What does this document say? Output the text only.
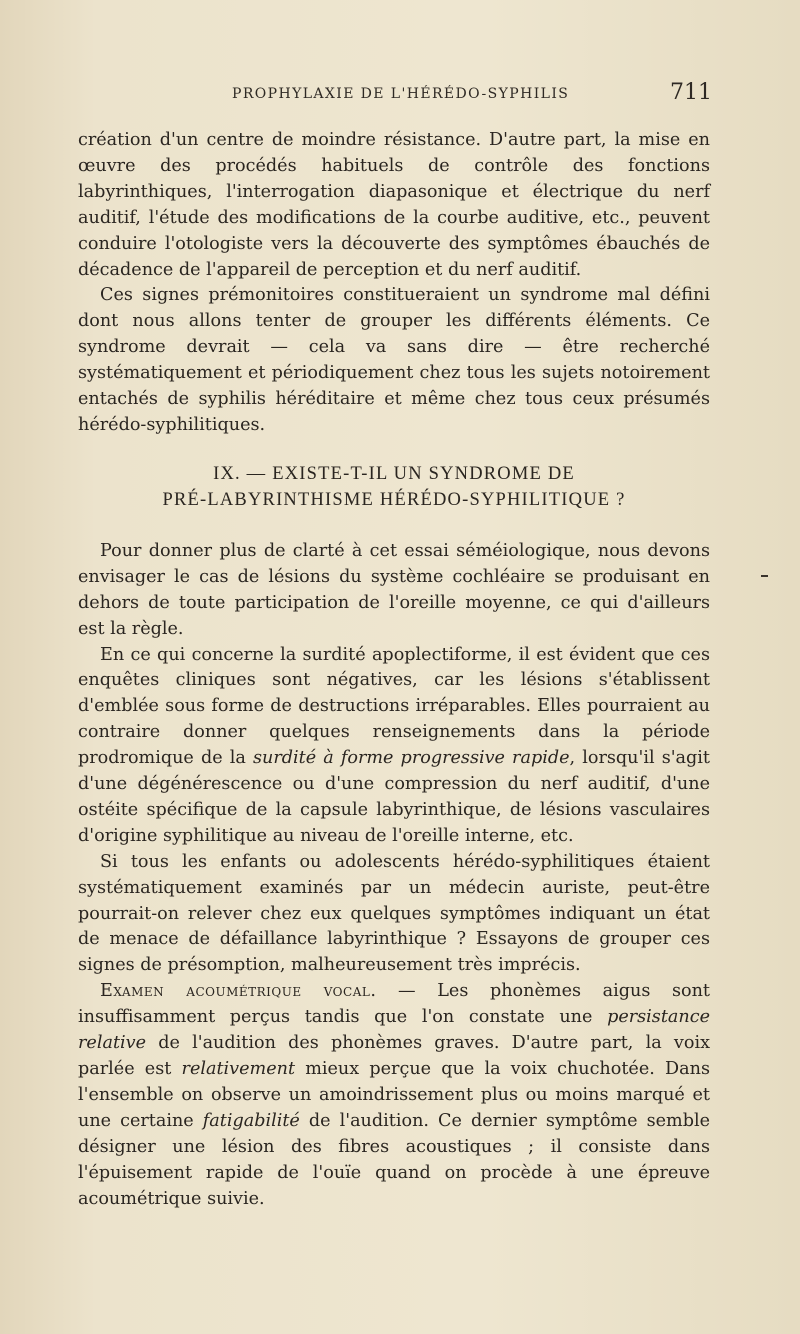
PROPHYLAXIE DE L'HÉRÉDO-SYPHILIS	711

création d'un centre de moindre résistance. D'autre part, la mise en œuvre des procédés habituels de contrôle des fonctions labyrinthiques, l'interrogation diapasonique et électrique du nerf auditif, l'étude des modifications de la courbe auditive, etc., peuvent conduire l'otologiste vers la découverte des symptômes ébauchés de décadence de l'appareil de perception et du nerf auditif.

Ces signes prémonitoires constitueraient un syndrome mal défini dont nous allons tenter de grouper les différents éléments. Ce syndrome devrait — cela va sans dire — être recherché systématiquement et périodiquement chez tous les sujets notoirement entachés de syphilis héréditaire et même chez tous ceux présumés hérédo-syphilitiques.

IX. — EXISTE-T-IL UN SYNDROME DE
PRÉ-LABYRINTHISME HÉRÉDO-SYPHILITIQUE ?

Pour donner plus de clarté à cet essai séméiologique, nous devons envisager le cas de lésions du système cochléaire se produisant en dehors de toute participation de l'oreille moyenne, ce qui d'ailleurs est la règle.

En ce qui concerne la surdité apoplectiforme, il est évident que ces enquêtes cliniques sont négatives, car les lésions s'établissent d'emblée sous forme de destructions irréparables. Elles pourraient au contraire donner quelques renseignements dans la période prodromique de la surdité à forme progressive rapide, lorsqu'il s'agit d'une dégénérescence ou d'une compression du nerf auditif, d'une ostéite spécifique de la capsule labyrinthique, de lésions vasculaires d'origine syphilitique au niveau de l'oreille interne, etc.

Si tous les enfants ou adolescents hérédo-syphilitiques étaient systématiquement examinés par un médecin auriste, peut-être pourrait-on relever chez eux quelques symptômes indiquant un état de menace de défaillance labyrinthique ? Essayons de grouper ces signes de présomption, malheureusement très imprécis.

Examen acoumétrique vocal. — Les phonèmes aigus sont insuffisamment perçus tandis que l'on constate une persistance relative de l'audition des phonèmes graves. D'autre part, la voix parlée est relativement mieux perçue que la voix chuchotée. Dans l'ensemble on observe un amoindrissement plus ou moins marqué et une certaine fatigabilité de l'audition. Ce dernier symptôme semble désigner une lésion des fibres acoustiques ; il consiste dans l'épuisement rapide de l'ouïe quand on procède à une épreuve acoumétrique suivie.
